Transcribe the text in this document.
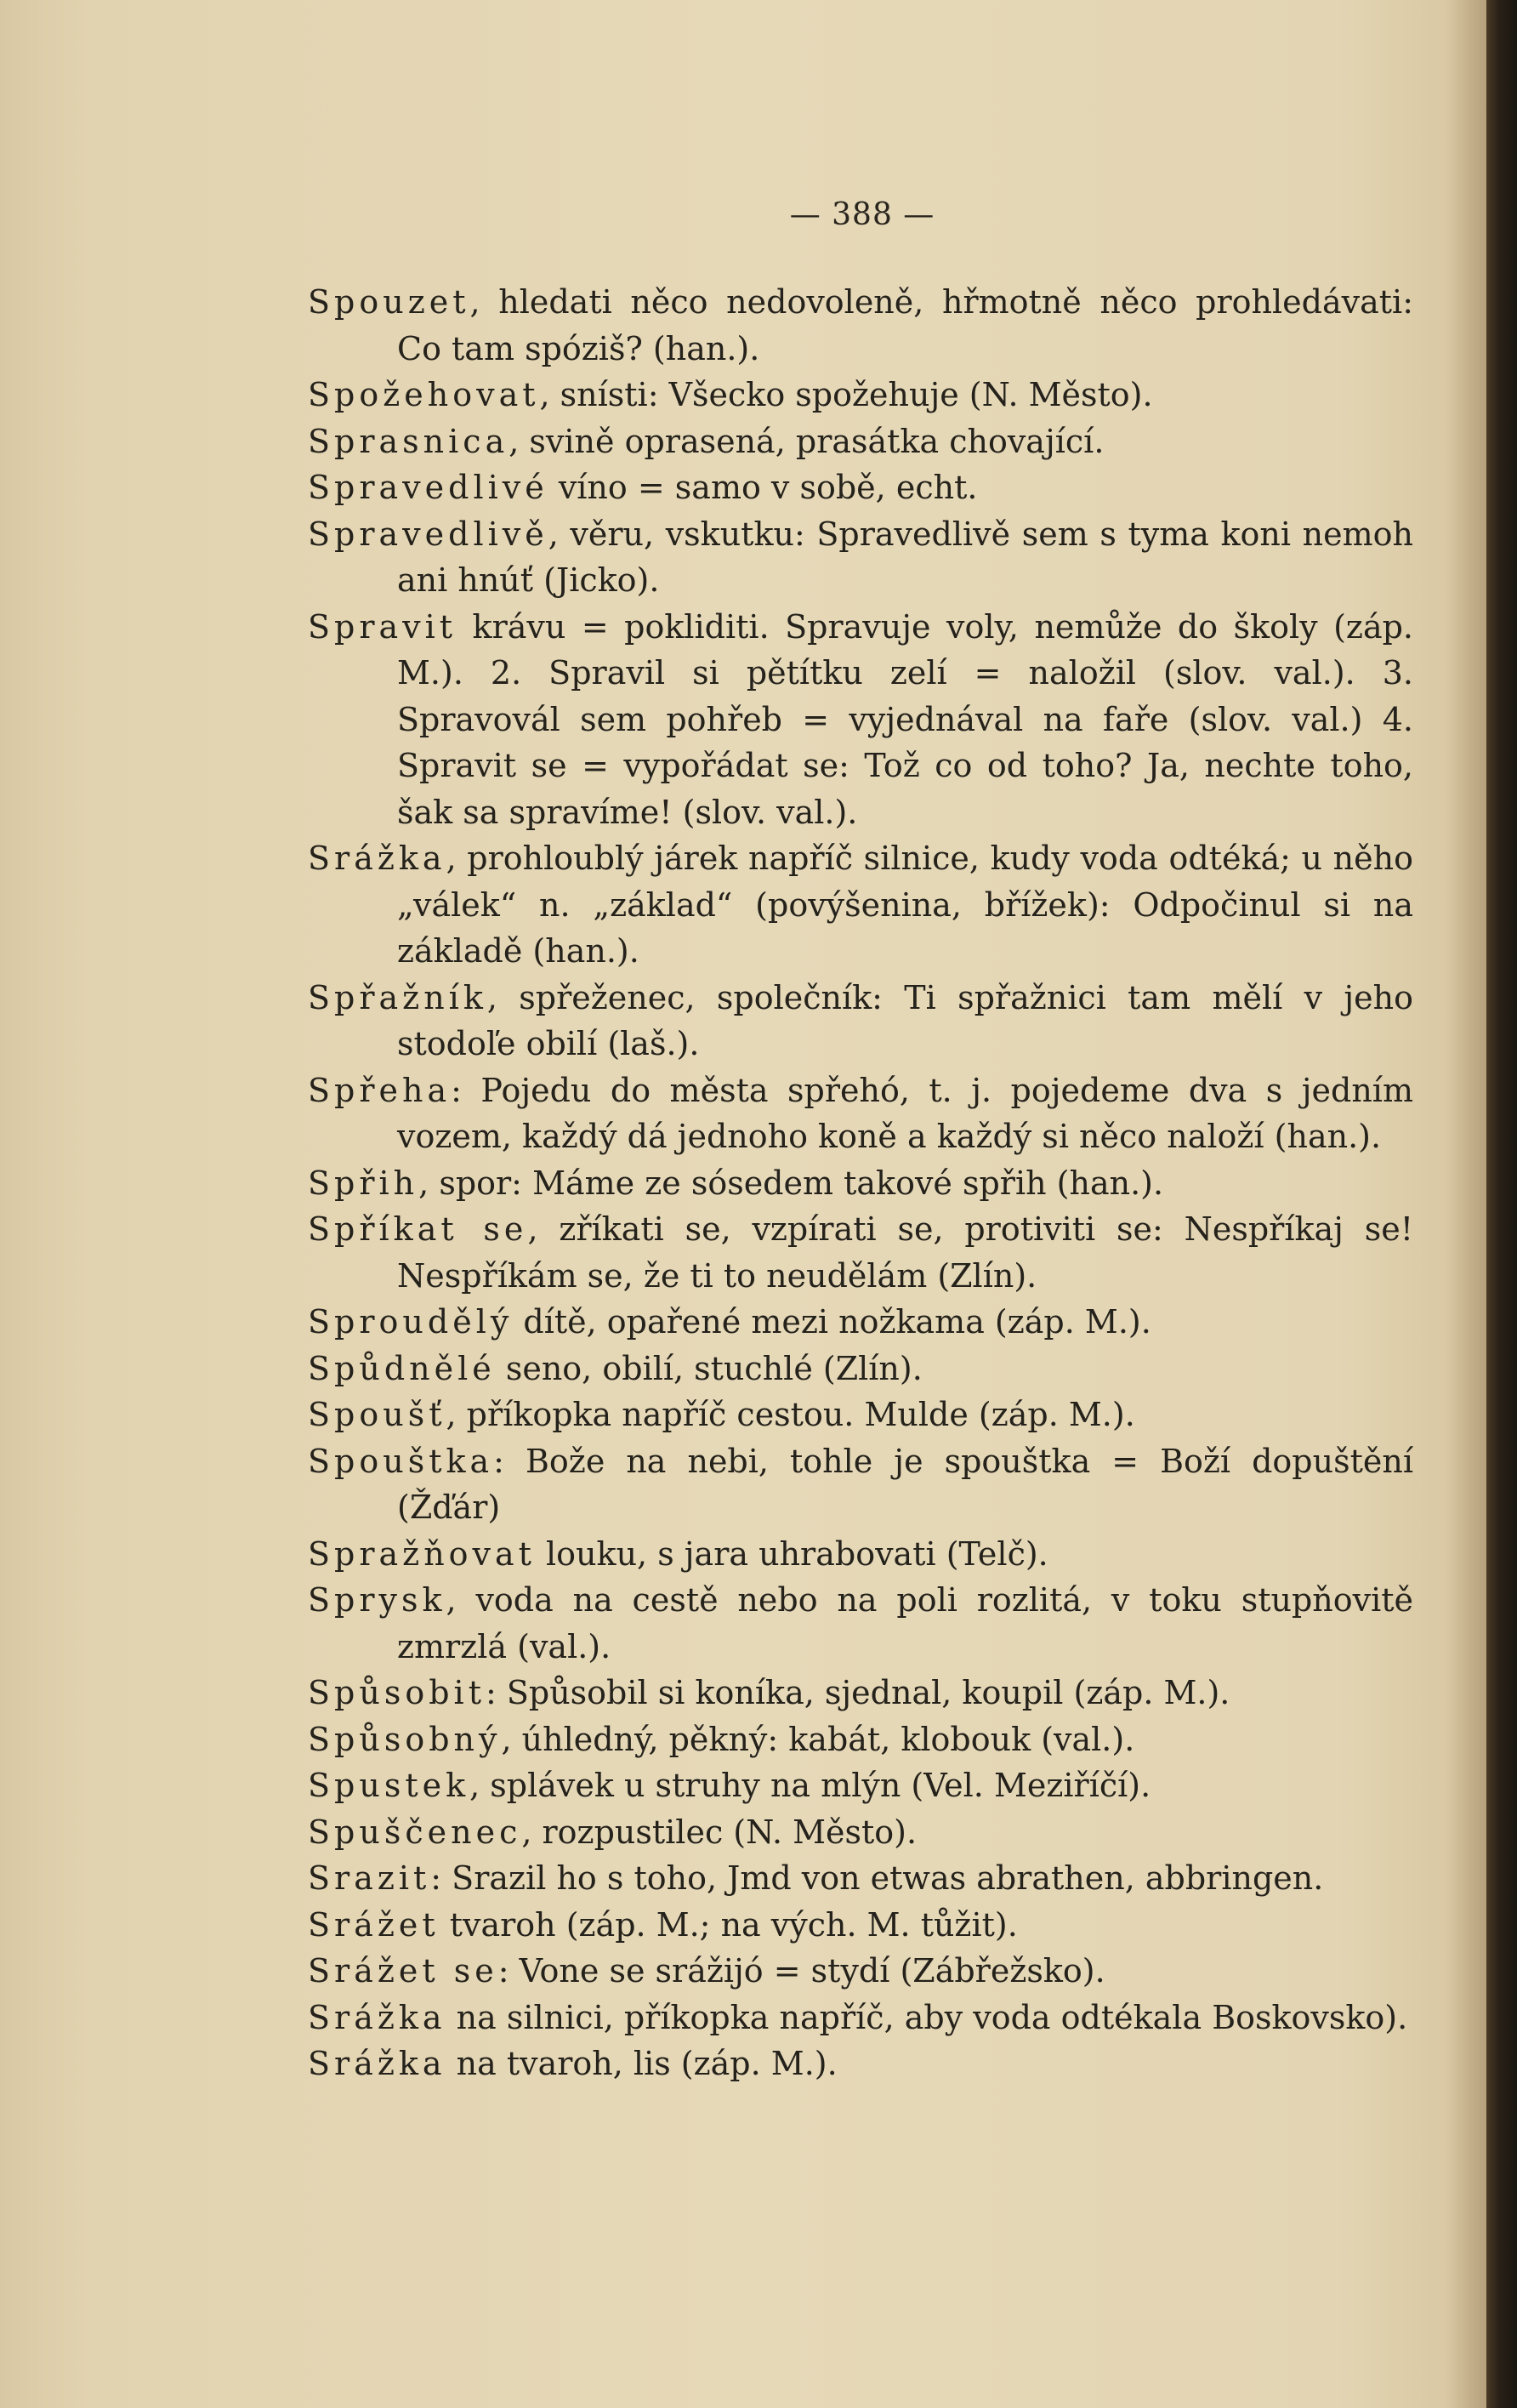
— 388 —

Spouzet, hledati něco nedovoleně, hřmotně něco prohledávati: Co tam spóziš? (han.).

Spožehovat, snísti: Všecko spožehuje (N. Město).

Sprasnica, svině oprasená, prasátka chovající.

Spravedlivé víno = samo v sobě, echt.

Spravedlivě, věru, vskutku: Spravedlivě sem s tyma koni nemoh ani hnúť (Jicko).

Spravit krávu = pokliditi. Spravuje voly, nemůže do školy (záp. M.). 2. Spravil si pětítku zelí = naložil (slov. val.). 3. Spravovál sem pohřeb = vyjednával na faře (slov. val.) 4. Spravit se = vypořádat se: Tož co od toho? Ja, nechte toho, šak sa spravíme! (slov. val.).

Srážka, prohloublý járek napříč silnice, kudy voda odtéká; u něho „válek“ n. „základ“ (povýšenina, břížek): Odpočinul si na základě (han.).

Spřažník, spřeženec, společník: Ti spřažnici tam mělí v jeho stodoľe obilí (laš.).

Spřeha: Pojedu do města spřehó, t. j. pojedeme dva s jedním vozem, každý dá jednoho koně a každý si něco naloží (han.).

Spřih, spor: Máme ze sósedem takové spřih (han.).

Spříkat se, zříkati se, vzpírati se, protiviti se: Nespříkaj se! Nespříkám se, že ti to neudělám (Zlín).

Sproudělý dítě, opařené mezi nožkama (záp. M.).

Spůdnělé seno, obilí, stuchlé (Zlín).

Spoušť, příkopka napříč cestou. Mulde (záp. M.).

Spouštka: Bože na nebi, tohle je spouštka = Boží dopuštění (Žďár)

Spražňovat louku, s jara uhrabovati (Telč).

Sprysk, voda na cestě nebo na poli rozlitá, v toku stupňovitě zmrzlá (val.).

Spůsobit: Spůsobil si koníka, sjednal, koupil (záp. M.).

Spůsobný, úhledný, pěkný: kabát, klobouk (val.).

Spustek, splávek u struhy na mlýn (Vel. Meziříčí).

Spuščenec, rozpustilec (N. Město).

Srazit: Srazil ho s toho, Jmd von etwas abrathen, abbringen.

Srážet tvaroh (záp. M.; na vých. M. tůžit).

Srážet se: Vone se srážijó = stydí (Zábřežsko).

Srážka na silnici, příkopka napříč, aby voda odtékala Boskovsko).

Srážka na tvaroh, lis (záp. M.).
